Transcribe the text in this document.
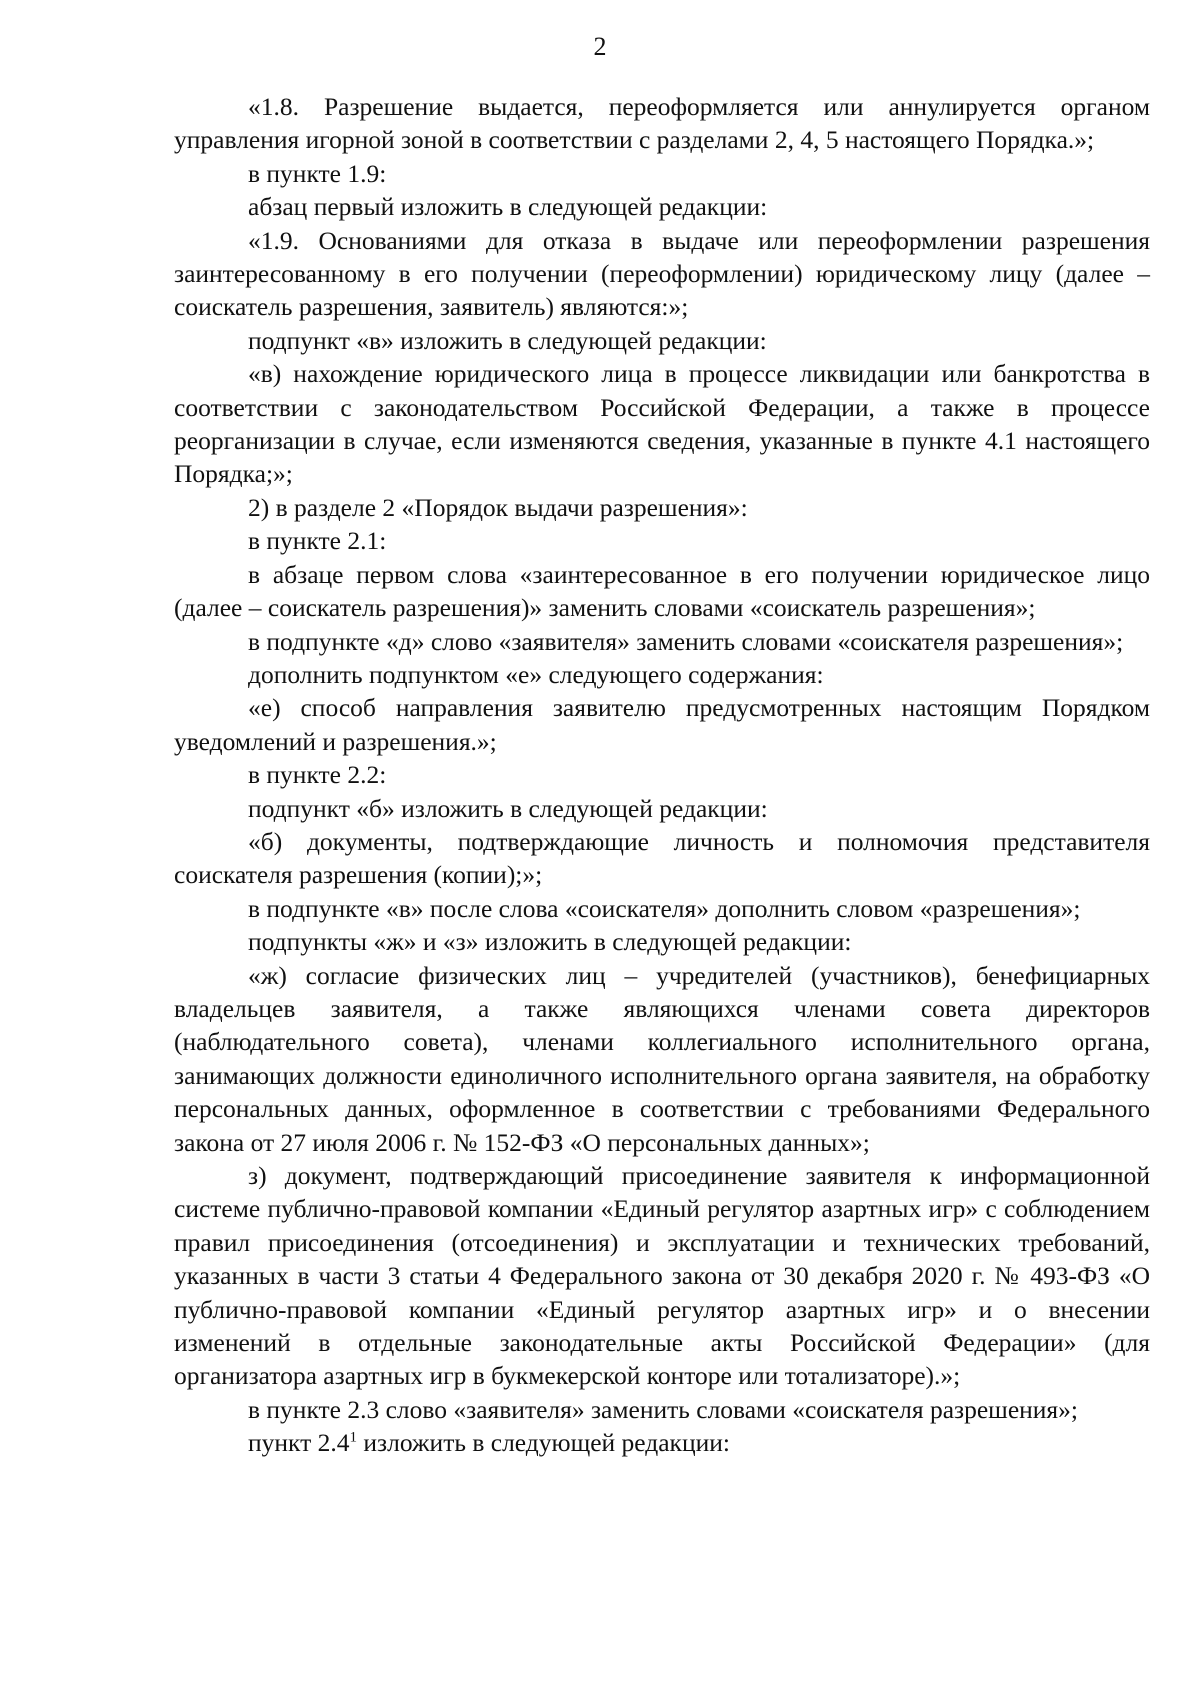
2

«1.8. Разрешение выдается, переоформляется или аннулируется органом управления игорной зоной в соответствии с разделами 2, 4, 5 настоящего Порядка.»;

в пункте 1.9:

абзац первый изложить в следующей редакции:

«1.9. Основаниями для отказа в выдаче или переоформлении разрешения заинтересованному в его получении (переоформлении) юридическому лицу (далее – соискатель разрешения, заявитель) являются:»;

подпункт «в» изложить в следующей редакции:

«в) нахождение юридического лица в процессе ликвидации или банкротства в соответствии с законодательством Российской Федерации, а также в процессе реорганизации в случае, если изменяются сведения, указанные в пункте 4.1 настоящего Порядка;»;

2) в разделе 2 «Порядок выдачи разрешения»:

в пункте 2.1:

в абзаце первом слова «заинтересованное в его получении юридическое лицо (далее – соискатель разрешения)» заменить словами «соискатель разрешения»;

в подпункте «д» слово «заявителя» заменить словами «соискателя разрешения»;

дополнить подпунктом «е» следующего содержания:

«е) способ направления заявителю предусмотренных настоящим Порядком уведомлений и разрешения.»;

в пункте 2.2:

подпункт «б» изложить в следующей редакции:

«б) документы, подтверждающие личность и полномочия представителя соискателя разрешения (копии);»;

в подпункте «в» после слова «соискателя» дополнить словом «разрешения»;

подпункты «ж» и «з» изложить в следующей редакции:

«ж) согласие физических лиц – учредителей (участников), бенефициарных владельцев заявителя, а также являющихся членами совета директоров (наблюдательного совета), членами коллегиального исполнительного органа, занимающих должности единоличного исполнительного органа заявителя, на обработку персональных данных, оформленное в соответствии с требованиями Федерального закона от 27 июля 2006 г. № 152-ФЗ «О персональных данных»;

з) документ, подтверждающий присоединение заявителя к информационной системе публично-правовой компании «Единый регулятор азартных игр» с соблюдением правил присоединения (отсоединения) и эксплуатации и технических требований, указанных в части 3 статьи 4 Федерального закона от 30 декабря 2020 г. № 493-ФЗ «О публично-правовой компании «Единый регулятор азартных игр» и о внесении изменений в отдельные законодательные акты Российской Федерации» (для организатора азартных игр в букмекерской конторе или тотализаторе).»;

в пункте 2.3 слово «заявителя» заменить словами «соискателя разрешения»;

пункт $2.4^1$ изложить в следующей редакции:
